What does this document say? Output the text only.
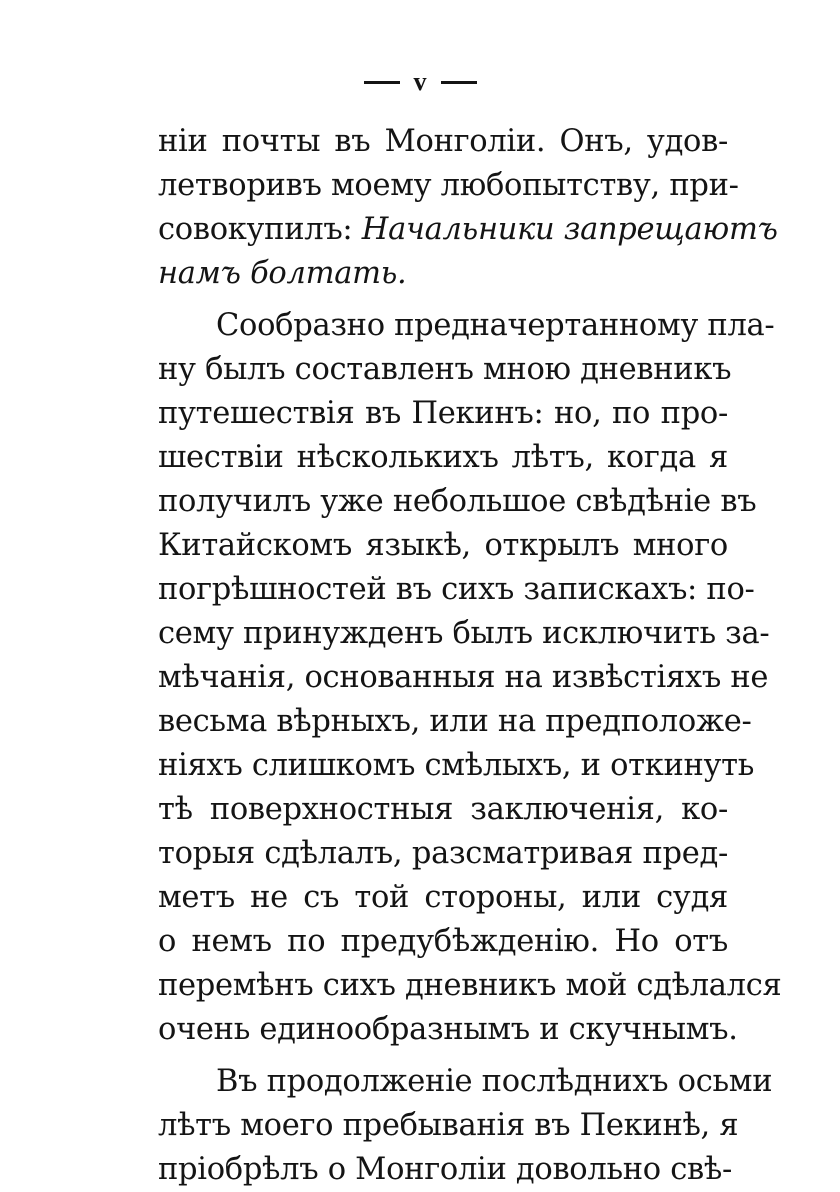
v
ніи почты въ Монголіи. Онъ, удов-
летворивъ моему любопытству, при-
совокупилъ: Начальники запрещаютъ
намъ болтать.
Сообразно предначертанному пла-
ну былъ составленъ мною дневникъ
путешествія въ Пекинъ: но, по про-
шествіи нѣсколькихъ лѣтъ, когда я
получилъ уже небольшое свѣдѣніе въ
Китайскомъ языкѣ, открылъ много
погрѣшностей въ сихъ запискахъ: по-
сему принужденъ былъ исключить за-
мѣчанія, основанныя на извѣстіяхъ не
весьма вѣрныхъ, или на предположе-
ніяхъ слишкомъ смѣлыхъ, и откинуть
тѣ поверхностныя заключенія, ко-
торыя сдѣлалъ, разсматривая пред-
метъ не съ той стороны, или судя
о немъ по предубѣжденію. Но отъ
перемѣнъ сихъ дневникъ мой сдѣлался
очень единообразнымъ и скучнымъ.
Въ продолженіе послѣднихъ осьми
лѣтъ моего пребыванія въ Пекинѣ, я
пріобрѣлъ о Монголіи довольно свѣ-
